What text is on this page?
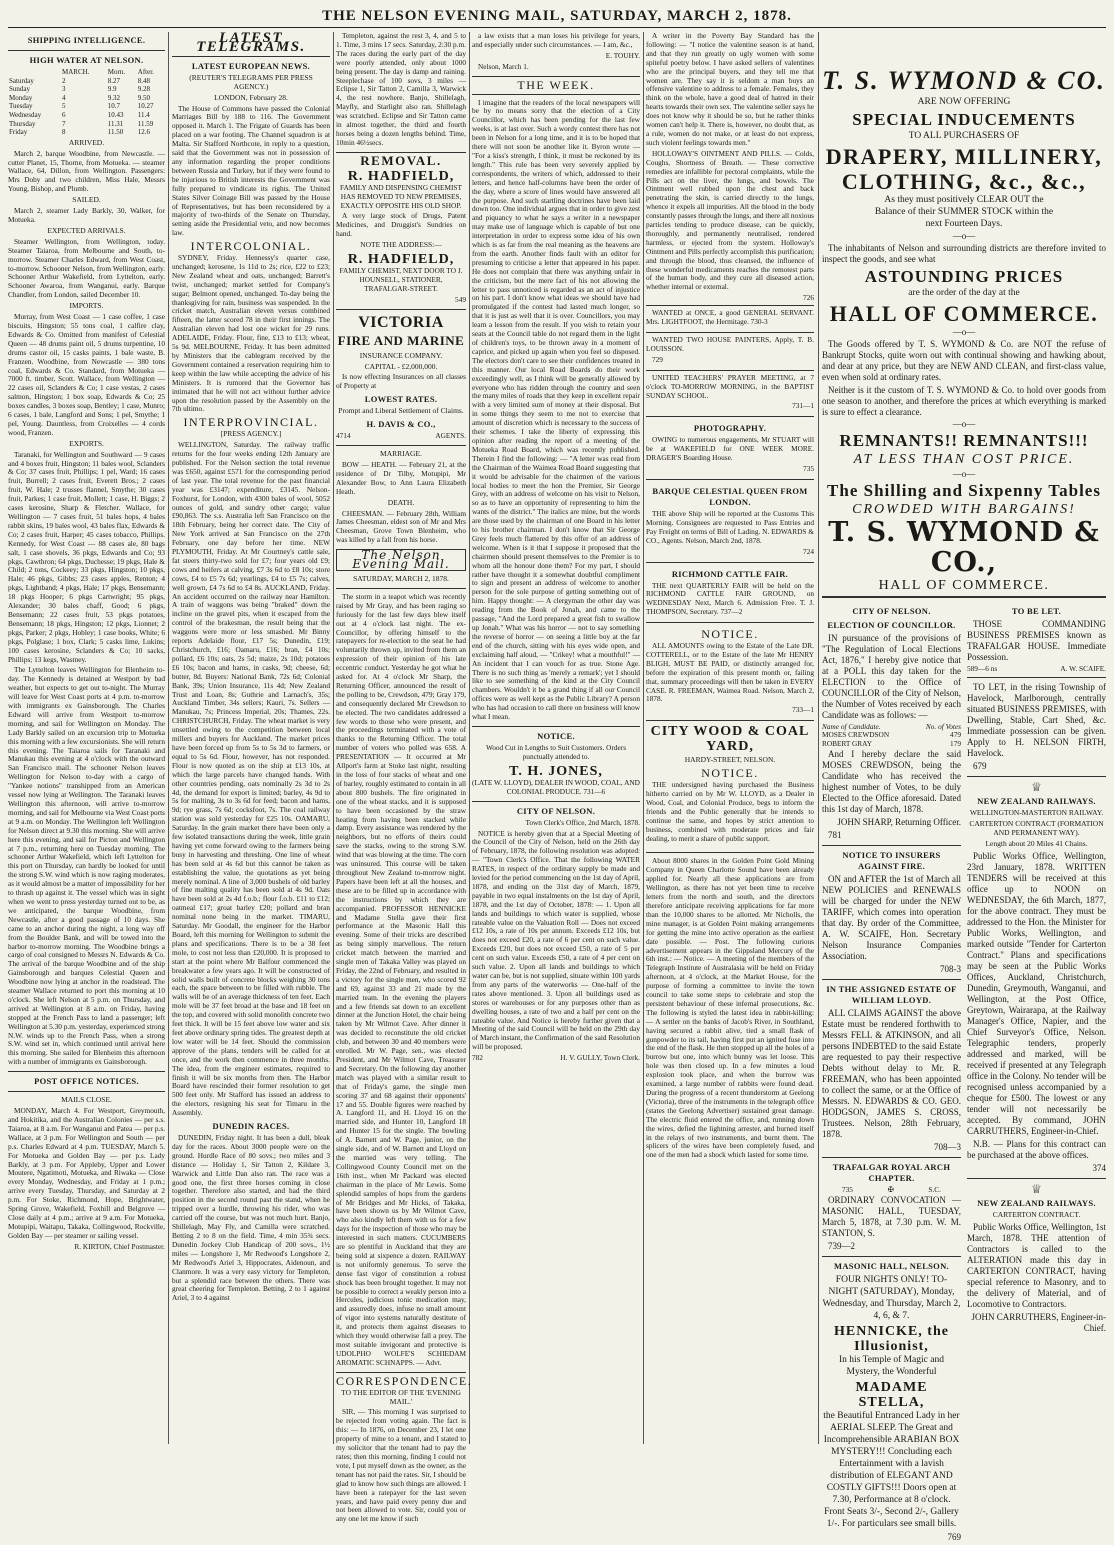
THE NELSON EVENING MAIL, SATURDAY, MARCH 2, 1878.
SHIPPING INTELLIGENCE.
HIGH WATER AT NELSON.
	MARCH.	Morn.	After.
Saturday	2	8.27	8.48
Sunday	3	9.9	9.28
Monday	4	9.32	9.50
Tuesday	5	10.7	10.27
Wednesday	6	10.43	11.4
Thursday	7	11.31	11.59
Friday	8	11.50	12.6
ARRIVED.

March 2, barque Woodbine, from Newcastle. — cutter Planet, 15, Thorne, from Motueka. — steamer Wallace, 64, Dillon, from Wellington. Passengers: Mrs Doby and two children, Miss Hale, Messrs Young, Bishop, and Plumb.

SAILED.

March 2, steamer Lady Barkly, 30, Walker, for Motueka.

EXPECTED ARRIVALS.

Steamer Wellington, from Wellington, today. Steamer Taiaroa, from Melbourne and South, to-morrow. Steamer Charles Edward, from West Coast, to-morrow. Schooner Nelson, from Wellington, early. Schooner Arthur Wakefield, from Lyttelton, early. Schooner Awaroa, from Wanganui, early. Barque Chandler, from London, sailed December 10.

IMPORTS.

Murray, from West Coast — 1 case coffee, 1 case biscuits, Hingston; 55 tons coal, 1 calfire clay, Edwards & Co. Omitted from manifest of Celestial Queen — 48 drums paint oil, 5 drums turpentine, 10 drums castor oil, 15 casks paints, 1 bale waste, B. Franzen. Woodbine, from Newcastle — 380 tons coal, Edwards & Co. Standard, from Motueka — 7000 ft. timber, Scott. Wallace, from Wellington — 22 cases oil, Sclanders & Co; 1 case vestas, 2 cases salmon, Hingston; 1 box soap, Edwards & Co; 25 boxes candles, 3 boxes soap, Bentley; 1 case, Munro; 6 cases, 1 bale, Langford and Sons; 1 pel, Smythe; 1 pel, Young. Dauntless, from Croixelles — 4 cords wood, Franzen.

EXPORTS.

Taranaki, for Wellington and Southward — 9 cases and 4 boxes fruit, Hingston; 11 bales wool, Sclanders & Co; 37 cases fruit, Phillips; 1 pel, Ward; 16 cases fruit, Burrell; 2 cases fruit, Everett Bros.; 2 cases fruit, W. Hale; 2 trusses flannel, Smythe; 30 cases fruit, Parkes; 1 case fruit, Mollett; 1 case, H. Biggs; 2 cases kerosine, Sharp & Fletcher. Wallace, for Wellington — 7 cases fruit, 51 bales hops, 4 bales rabbit skins, 19 bales wool, 43 bales flax, Edwards & Co; 2 cases fruit, Harper; 45 cases tobacco, Phillips. Kennedy, for West Coast — 88 cases ale, 80 bags salt, 1 case shovels, 36 pkgs, Edwards and Co; 93 pkgs, Cawthron; 64 pkgs, Duchesse; 19 pkgs, Hale & Child; 2 tons, Cockeey; 33 pkgs, Hingston; 10 pkgs, Hale; 46 pkgs, Gibbs; 23 cases apples, Renton; 4 pkgs, Lightband; 4 pkgs, Hale; 17 pkgs, Bensemann; 18 pkgs Hooper; 6 pkgs Cartwright; 95 pkgs, Alexander; 30 bales chaff, Good; 6 pkgs, Bensemann; 22 cases fruit, 53 pkgs potatoes, Bensemann; 18 pkgs, Hingston; 12 pkgs, Lionnet; 2 pkgs, Parker; 2 pkgs, Hobley; 1 case books, White; 6 pkgs, Polglase; 1 box, Clark; 5 casks lime, Lukins; 100 cases kerosine, Sclanders & Co; 10 sacks, Phillips; 13 kegs, Wastney.

The Lyttelton leaves Wellington for Blenheim to-day. The Kennedy is detained at Westport by bad weather, but expects to get out to-night. The Murray will leave for West Coast ports at 4 p.m. to-morrow with immigrants ex Gainsborough. The Charles Edward will arrive from Westport to-morrow morning, and sail for Wellington on Monday. The Lady Barkly sailed on an excursion trip to Motueka this morning with a few excursionists. She will return this evening. The Taiaroa sails for Taranaki and Manukau this evening at 4 o'clock with the outward San Francisco mail. The schooner Nelson leaves Wellington for Nelson to-day with a cargo of "Yankee notions" transhipped from an American vessel now lying at Wellington. The Taranaki leaves Wellington this afternoon, will arrive to-morrow morning, and sail for Melbourne via West Coast ports at 9 a.m. on Monday. The Wellington left Wellington for Nelson direct at 9.30 this morning. She will arrive here this evening, and sail for Picton and Wellington at 7 p.m., returning here on Tuesday morning. The schooner Arthur Wakefield, which left Lyttelton for this port on Thursday, can hardly be looked for until the strong S.W. wind which is now raging moderates, as it would almost be a matter of impossibility for her to thrash up against it. The vessel which was in sight when we went to press yesterday turned out to be, as we anticipated, the barque Woodbine, from Newcastle, after a good passage of 10 days. She came to an anchor during the night, a long way off from the Boulder Bank, and will be towed into the harbor to-morrow morning. The Woodbine brings a cargo of coal consigned to Messrs N. Edwards & Co. The arrival of the barque Woodbine and of the ship Gainsborough and barques Celestial Queen and Woodbine now lying at anchor in the roadstead. The steamer Wallace returned to port this morning at 10 o'clock. She left Nelson at 5 p.m. on Thursday, and arrived at Wellington at 8 a.m. on Friday, having stopped at the French Pass to land a passenger; left Wellington at 5.30 p.m. yesterday, experienced strong N.W. winds up to the French Pass, when a strong S.W. wind set in, which continued until arrival here this morning. She sailed for Blenheim this afternoon with a number of immigrants ex Gainsborough.

POST OFFICE NOTICES.
MAILS CLOSE.

MONDAY, March 4. For Westport, Greymouth, and Hokitika, and the Australian Colonies — per s.s. Taiaroa, at 8 a.m. For Wanganui and Patea — per p.s. Wallace, at 3 p.m. For Wellington and South — per p.s. Charles Edward at 4 p.m. TUESDAY, March 5. For Motueka and Golden Bay — per p.s. Lady Barkly, at 3 p.m. For Appleby, Upper and Lower Moutere, Ngatimoti, Motueka, and Riwaka — Close every Monday, Wednesday, and Friday at 1 p.m.; arrive every Tuesday, Thursday, and Saturday at 2 p.m. For Stoke, Richmond, Hope, Brightwater, Spring Grove, Wakefield, Foxhill and Belgrove — Close daily at 4 p.m.; arrive at 9 a.m. For Motueka, Motupipi, Waitapu, Takaka, Collingwood, Rockville, Golden Bay — per steamer or sailing vessel.

R. KIRTON, Chief Postmaster.

LATEST TELEGRAMS.
LATEST EUROPEAN NEWS.
(REUTER'S TELEGRAMS PER PRESS AGENCY.)
LONDON, February 28.

The House of Commons have passed the Colonial Marriages Bill by 188 to 116. The Government opposed it. March 1. The Frigate of Guards has been placed on a war footing. The Channel squadron is at Malta. Sir Stafford Northcote, in reply to a question, said that the Government was not in possession of any information regarding the proper conditions between Russia and Turkey, but if they were found to be injurious to British interests the Government was fully prepared to vindicate its rights. The United States Silver Coinage Bill was passed by the House of Representatives, but has been reconsidered by a majority of two-thirds of the Senate on Thursday, setting aside the Presidential veto, and now becomes law.

INTERCOLONIAL.

SYDNEY, Friday. Hennessy's quarter case, unchanged; kerosene, 1s 11d to 2s; rice, £22 to £23; New Zealand wheat and oats, unchanged; Barrett's twist, unchanged; market settled for Company's sugar; Belmont opened, unchanged. To-day being the thanksgiving for rain, business was suspended. In the cricket match, Australian eleven versus combined fifteen, the latter scored 78 in their first innings. The Australian eleven had lost one wicket for 29 runs. ADELAIDE, Friday. Flour, fine, £13 to £13; wheat, 5s 9d. MELBOURNE, Friday. It has been admitted by Ministers that the cablegram received by the Government contained a reservation requiring him to keep within the law while accepting the advice of his Ministers. It is rumored that the Governor has intimated that he will not act without further advice upon the resolution passed by the Assembly on the 7th ultimo.

INTERPROVINCIAL.
[PRESS AGENCY.]

WELLINGTON, Saturday. The railway traffic returns for the four weeks ending 12th January are published. For the Nelson section the total revenue was £650, against £571 for the corresponding period of last year. The total revenue for the past financial year was £3147; expenditure, £3145. Nelson-Foxhurst, for London, with 4300 bales of wool, 5052 ounces of gold, and sundry other cargo; value £90,863. The s.s. Australia left San Francisco on the 18th February, being her correct date. The City of New York arrived at San Francisco on the 27th February, one day before her time. NEW PLYMOUTH, Friday. At Mr Courtney's cattle sale, fat steers thirty-two sold for £7; four years old £9; cows and heifers at calving, £7 3s 6d to £8 10s; store cows, £4 to £5 7s 6d; yearlings, £4 to £5 7s; calves, well grown, £4 7s 6d to £4 8s. AUCKLAND, Friday. An accident occurred on the railway near Hamilton. A train of waggons was being "braked" down the incline on the gravel pits, when it escaped from the control of the brakesman, the result being that the waggons were more or less smashed. Mr Binny reports Adelaide flour, £17 5s; Dunedin, £19; Christchurch, £16; Oamaru, £16; bran, £4 10s; pollard, £6 10s; oats, 2s 5d; maize, 2s 10d; potatoes £6 10s; bacon and hams, in casks, 9d; cheese, 6d; butter, 8d. Buyers: National Bank, 72s 6d; Colonial Bank, 39s; Union Insurance, 11s 4d; New Zealand Trust and Loan, 8s; Guthrie and Larnach's, 35s; Auckland Timber, 34s sellers; Kauri, 7s. Sellers — Manukau, 7s; Princess Imperial, 20s; Thames, 22s. CHRISTCHURCH, Friday. The wheat market is very unsettled owing to the competition between local millers and buyers for Auckland. The market prices have been forced up from 5s to 5s 3d to farmers, or equal to 5s 6d. Flour, however, has not responded. Flour is now quoted as on the ship at £13 10s, at which the large parcels have changed hands. With other countries pending, oats nominally 2s 3d to 2s 4d, the demand for export is limited; barley, 4s 9d to 5s for malting, 3s to 3s 6d for feed; bacon and hams, 9d; rye grass, 7s 6d; cocksfoot, 7s. The coal railway station was sold yesterday for £25 10s. OAMARU, Saturday. In the grain market there have been only a few isolated transactions during the week, little grain having yet come forward owing to the farmers being busy in harvesting and threshing. One line of wheat has been sold at 4s 6d but this cannot be taken as establishing the value, the quotations as yet being merely nominal. A line of 3,000 bushels of old barley of fine malting quality has been sold at 4s 9d. Oats have been sold at 2s 4d f.o.b.; flour f.o.b. £11 to £12; oatmeal £17; groat barley £20; pollard and bran nominal none being in the market. TIMARU, Saturday. Mr Goodall, the engineer for the Harbor Board, left this morning for Wellington to submit the plans and specifications. There is to be a 38 feet mole, to cost not less than £20,000. It is proposed to start at the point where Mr Balfour commenced the breakwater a few years ago. It will be constructed of solid walls built of concrete blocks weighing 30 tons each, the space between to be filled with rubble. The walls will be of an average thickness of ten feet. Each mole will be 37 feet broad at the base and 18 feet on the top, and covered with solid monolith concrete two feet thick. It will be 15 feet above low water and six feet above ordinary spring tides. The greatest depth at low water will be 14 feet. Should the commission approve of the plans, tenders will be called for at once, and the work then commence in three months. The idea, from the engineer estimates, required to finish it will be six months from then. The Harbor Board have rescinded their former resolution to get 500 feet only. Mr Stafford has issued an address to the electors, resigning his seat for Timaru in the Assembly.

DUNEDIN RACES.

DUNEDIN, Friday night. It has been a dull, bleak day for the races. About 3000 people were on the ground. Hurdle Race of 80 sovs.; two miles and 3 distance — Holiday 1, Sir Tatton 2, Kildare 3, Warwick and Little Dan also ran. The race was a good one, the first three horses coming in close together. Therefore also started, and had the third position in the second round past the stand, when he tripped over a hurdle, throwing his rider, who was carried off the course, but was not much hurt. Banjo, Shillelagh, May Fly, and Camilla were scratched. Betting 2 to 8 on the field. Time, 4 min 35¾ secs. Dunedin Jockey Club Handicap of 200 sovs., 1½ miles — Longshore 1, Mr Redwood's Longshore 2, Mr Redwood's Ariel 3, Hippocrates, Aidenoun, and Clanmore. It was a very easy victory for Templeton, but a splendid race between the others. There was great cheering for Templeton. Betting, 2 to 1 against Ariel, 3 to 4 against

Templeton, against the rest 3, 4, and 5 to 1. Time, 3 mins 17 secs. Saturday, 2:30 p.m. The races during the early part of the day were poorly attended, only about 1000 being present. The day is damp and raining. Steeplechase of 100 sovs, 3 miles — Eclipse 1, Sir Tatton 2, Camilla 3, Warwick 4, the rest nowhere. Banjo, Shillelagh, Mayfly, and Starlight also ran. Shillelagh was scratched. Eclipse and Sir Tatton came in almost together, the third and fourth horses being a dozen lengths behind. Time, 10min 46½secs.

REMOVAL.
R. HADFIELD,

FAMILY AND DISPENSING CHEMIST HAS REMOVED TO NEW PREMISES, EXACTLY OPPOSITE HIS OLD SHOP.

A very large stock of Drugs, Patent Medicines, and Druggist's Sundries on hand.

NOTE THE ADDRESS:—
R. HADFIELD,

FAMILY CHEMIST, NEXT DOOR TO J. HOUNSELL, STATIONER, TRAFALGAR-STREET.

549

VICTORIA
FIRE AND MARINE
INSURANCE COMPANY.
CAPITAL - £2,000,000.

Is now effecting Insurances on all classes of Property at

LOWEST RATES.
Prompt and Liberal Settlement of Claims.
H. DAVIS & CO.,
4714	AGENTS.
MARRIAGE.

BOW — HEATH. — February 21, at the residence of Dr Tilby, Motupipi, Mr Alexander Bow, to Ann Laura Elizabeth Heath.

DEATH.

CHEESMAN. — February 28th, William James Cheesman, eldest son of Mr and Mrs Cheesman, Grove Town Blenheim, who was killed by a fall from his horse.

The Nelson Evening Mail.
SATURDAY, MARCH 2, 1878.

The storm in a teapot which was recently raised by Mr Gray, and has been raging so furiously for the last few days blew itself out at 4 o'clock last night. The ex-Councillor, by offering himself to the ratepayers for re-election to the seat he had voluntarily thrown up, invited from them an expression of their opinion of his late eccentric conduct. Yesterday he got what he asked for. At 4 o'clock Mr Sharp, the Returning Officer, announced the result of the polling to be, Crewdson, 479; Gray 179, and consequently declared Mr Crewdson to be elected. The two candidates addressed a few words to those who were present, and the proceedings terminated with a vote of thanks to the Returning Officer. The total number of voters who polled was 658. A PRESENTATION — It occurred at Mr Allport's farm at Stoke last night, resulting in the loss of four stacks of wheat and one of barley, roughly estimated to contain in all about 800 bushels. The fire originated in one of the wheat stacks, and it is supposed to have been occasioned by the straw heating from having been stacked while damp. Every assistance was rendered by the neighbors, but no efforts of theirs could save the stacks, owing to the strong S.W. wind that was blowing at the time. The corn was uninsured. This course will be taken throughout New Zealand to-morrow night. Papers have been left at all the houses, and these are to be filled up in accordance with the instructions by which they are accompanied. PROFESSOR HENNICKE and Madame Stella gave their first performance at the Masonic Hall this evening. Some of their tricks are described as being simply marvellous. The return cricket match between the married and single men of Takaka Valley was played on Friday, the 22nd of February, and resulted in a victory for the single men, who scored 92 and 69, against 33 and 21 made by the married team. In the evening the players and a few friends sat down to an excellent dinner at the Junction Hotel, the chair being taken by Mr Wilmot Cave. After dinner it was decided to reconstitute the old cricket club, and between 30 and 40 members were enrolled. Mr W. Page, sen., was elected President, and Mr Wilmot Cave, Treasurer and Secretary. On the following day another match was played with a similar result to that of Friday's game, the single men scoring 37 and 68 against their opponents' 17 and 55. Double figures were reached by A. Langford 11, and H. Lloyd 16 on the married side, and Hunter 10, Langford 18 and Hunter 15 for the single. The bowling of A. Barnett and W. Page, junior, on the single side, and of W. Barnett and Lloyd on the married was very telling. The Collingwood County Council met on the 16th inst., when Mr Packard was elected chairman in the place of Mr Lewis. Some splendid samples of hops from the gardens of Mr Bridges and Mr Hicks, of Takaka, have been shown us by Mr Wilmot Cave, who also kindly left them with us for a few days for the inspection of those who may be interested in such matters. CUCUMBERS are so plentiful in Auckland that they are being sold at sixpence a dozen. RAILWAY is not uniformly generous. To serve the dense fast vigor of constitution a robust shock has been brought together. It may not be possible to correct a weakly person into a Hercules, judicious tonic medication may, and assuredly does, infuse no small amount of vigor into systems naturally destitute of it, and protects them against diseases to which they would otherwise fall a prey. The most suitable invigorant and protective is UDOLPHO WOLFE'S SCHIEDAM AROMATIC SCHNAPPS. — Advt.

CORRESPONDENCE.
TO THE EDITOR OF THE 'EVENING MAIL.'

SIR, — This morning I was surprised to be rejected from voting again. The fact is this: — In 1876, on December 23, I let one property of mine to a tenant, and I stated to my solicitor that the tenant had to pay the rates; then this morning, finding I could not vote, I put myself down as the owner, as the tenant has not paid the rates. Sir, I should be glad to know how such things are allowed. I have been a ratepayer for the last seven years, and have paid every penny due and not been allowed to vote. Sir, could you or any one let me know if such

a law exists that a man loses his privilege for years, and especially under such circumstances. — I am, &c.,

E. TOUHY.

Nelson, March 1.

THE WEEK.

I imagine that the readers of the local newspapers will be by no means sorry that the election of a City Councillor, which has been pending for the last few weeks, is at last over. Such a wordy contest there has not been in Nelson for a long time, and it is to be hoped that there will not soon be another like it. Byron wrote — "For a kiss's strength, I think, it must be reckoned by its length." This rule has been very severely applied by correspondents, the writers of which, addressed to their letters, and hence half-columns have been the order of the day, where a score of lines would have answered all the purpose. And such startling doctrines have been laid down too. One individual argues that in order to give zest and piquancy to what he says a writer in a newspaper may make use of language which is capable of but one interpretation in order to express some idea of his own which is as far from the real meaning as the heavens are from the earth. Another finds fault with an editor for presuming to criticise a letter that appeared in his paper. He does not complain that there was anything unfair in the criticism, but the mere fact of his not allowing the letter to pass unnoticed is regarded as an act of injustice on his part. I don't know what ideas we should have had promulgated if the contest had lasted much longer, so that it is just as well that it is over. Councillors, you may learn a lesson from the result. If you wish to retain your seats at the Council table do not regard them in the light of children's toys, to be thrown away in a moment of caprice, and picked up again when you feel so disposed. The electors don't care to see their confidences treated in this manner. Our local Road Boards do their work exceedingly well, as I think will be generally allowed by everyone who has ridden through the country and seen the many miles of roads that they keep in excellent repair with a very limited sum of money at their disposal. But in some things they seem to me not to exercise that amount of discretion which is necessary to the success of their schemes. I take the liberty of expressing this opinion after reading the report of a meeting of the Motueka Road Board, which was recently published. Therein I find the following: — "A letter was read from the Chairman of the Waimea Road Board suggesting that it would be advisable for the chairmen of the various local bodies to meet the hon the Premier, Sir George Grey, with an address of welcome on his visit to Nelson, so as to have an opportunity of representing to him the wants of the district." The italics are mine, but the words are those used by the chairman of one Board in his letter to his brother chairman. I don't know that Sir George Grey feels much flattered by this offer of an address of welcome. When is it that I suppose it proposed that the chairmen should present themselves to the Premier is to whom all the honour done them? For my part, I should rather have thought it a somewhat doubtful compliment to sign and present an address of welcome to another person for the sole purpose of getting something out of him. Happy thought: — A clergyman the other day was reading from the Book of Jonah, and came to the passage, "And the Lord prepared a great fish to swallow up Jonah." What was his horror — not to say something the reverse of horror — on seeing a little boy at the far end of the church, sitting with his eyes wide open, and exclaiming half aloud, — "Crikey! what a mouthful!" — An incident that I can vouch for as true. Stone Age. There is no such thing as 'merely a remark'; yet I should like to see something of the kind at the City Council chambers. Wouldn't it be a grand thing if all our Council offices were as well kept as the Public Library? A person who has had occasion to call there on business will know what I mean.

NOTICE.

Wood Cut in Lengths to Suit Customers. Orders punctually attended to.

T. H. JONES,

(LATE W. LLOYD), DEALER IN WOOD, COAL, AND COLONIAL PRODUCE. 731—6

CITY OF NELSON.

Town Clerk's Office, 2nd March, 1878.

NOTICE is hereby given that at a Special Meeting of the Council of the City of Nelson, held on the 26th day of February, 1878, the following resolution was adopted: — "Town Clerk's Office. That the following WATER RATES, in respect of the ordinary supply be made and levied for the period commencing on the 1st day of April, 1878, and ending on the 31st day of March, 1879, payable in two equal instalments on the 1st day of April, 1878, and the 1st day of October, 1878: — 1. Upon all lands and buildings to which water is supplied, whose rateable value on the Valuation Roll — Does not exceed £12 10s, a rate of 10s per annum. Exceeds £12 10s, but does not exceed £20, a rate of 6 per cent on such value. Exceeds £20, but does not exceed £50, a rate of 5 per cent on such value. Exceeds £50, a rate of 4 per cent on such value. 2. Upon all lands and buildings to which water can be, but is not supplied, situate within 100 yards from any parts of the waterworks — One-half of the rates above mentioned. 3. Upon all buildings used as stores or warehouses or for any purposes other than as dwelling houses, a rate of two and a half per cent on the rateable value. And Notice is hereby further given that a Meeting of the said Council will be held on the 29th day of March instant, the Confirmation of the said Resolution will be proposed.

782	H. V. GULLY, Town Clerk.

A writer in the Poverty Bay Standard has the following: — "I notice the valentine season is at hand, and that they run greatly on ugly women with some spiteful poetry below. I have asked sellers of valentines who are the principal buyers, and they tell me that women are. They say it is seldom a man buys an offensive valentine to address to a female. Females, they think on the whole, have a good deal of hatred in their hearts towards their own sex. The valentine seller says he does not know why it should be so, but he rather thinks women can't help it. There is, however, no doubt that, as a rule, women do not make, or at least do not express, such violent feelings towards men."

HOLLOWAY'S OINTMENT AND PILLS. — Colds, Coughs, Shortness of Breath. — These corrective remedies are infallible for pectoral complaints, while the Pills act on the liver, the lungs, and bowels. The Ointment well rubbed upon the chest and back penetrating the skin, is carried directly to the lungs, whence it expels all impurities. All the blood in the body constantly passes through the lungs, and there all noxious particles tending to produce disease, can be quickly, thoroughly, and permanently neutralised, rendered harmless, or ejected from the system. Holloway's Ointment and Pills perfectly accomplish this purification; and through the blood, thus cleansed, the influence of these wonderful medicaments reaches the remotest parts of the human body, and they cure all diseased action, whether internal or external.

726

WANTED at ONCE, a good GENERAL SERVANT. Mrs. LIGHTFOOT, the Hermitage. 730-3

WANTED TWO HOUSE PAINTERS, Apply, T. B. LOUISSON.

729

UNITED TEACHERS' PRAYER MEETING, at 7 o'clock TO-MORROW MORNING, in the BAPTIST SUNDAY SCHOOL.

731—1

PHOTOGRAPHY.

OWING to numerous engagements, Mr STUART will be at WAKEFIELD for ONE WEEK MORE. DRAGER'S Boarding House.

735

BARQUE CELESTIAL QUEEN FROM LONDON.

THE above Ship will be reported at the Customs This Morning. Consignees are requested to Pass Entries and Pay Freight on terms of Bill of Lading. N. EDWARDS & CO., Agents. Nelson, March 2nd, 1878.

724

RICHMOND CATTLE FAIR.

THE next QUARTERLY FAIR will be held on the RICHMOND CATTLE FAIR GROUND, on WEDNESDAY Next, March 6. Admission Free. T. J. THOMPSON, Secretary. 737—2

NOTICE.

ALL AMOUNTS owing to the Estate of the Late DR. COTTERELL, or to the Estate of the late Mr HENRY BLIGH, MUST BE PAID, or distinctly arranged for, before the expiration of this present month or, failing that, summary proceedings will then be taken in EVERY CASE. R. FREEMAN, Waimea Road. Nelson, March 2, 1878.

733—1

CITY WOOD & COAL YARD,
HARDY-STREET, NELSON.
NOTICE.

THE undersigned having purchased the Business hitherto carried on by Mr W. LLOYD, as a Dealer in Wood, Coal, and Colonial Produce, begs to inform the friends and the Public generally that he intends to continue the same, and hopes by strict attention to business, combined with moderate prices and fair dealing, to merit a share of public support.

About 8000 shares in the Golden Point Gold Mining Company in Queen Charlotte Sound have been already applied for. Nearly all these applications are from Wellington, as there has not yet been time to receive letters from the north and south, and the directors therefore anticipate receiving applications for far more than the 10,000 shares to be allotted. Mr Nicholls, the mine manager, is at Golden Point making arrangements for getting the mine into active operation as the earliest date possible. — Post. The following curious advertisement appears in the Gippsland Mercury of the 6th inst.: — Notice. — A meeting of the members of the Telegraph Institute of Australasia will be held on Friday afternoon, at 4 o'clock, at the Market House, for the purpose of forming a committee to invite the town council to take some steps to celebrate and stop the persistent behaviour of these infernal prosecutions, &c. The following is styled the latest idea in rabbit-killing: — A settler on the banks of Jacob's River, in Southland, having secured a rabbit alive, tied a small flask of gunpowder to its tail, having first put an ignited fuse into the end of the flask. He then stopped up all the holes of a burrow but one, into which bunny was let loose. This hole was then closed up. In a few minutes a loud explosion took place, and when the burrow was examined, a large number of rabbits were found dead. During the progress of a recent thunderstorm at Geelong (Victoria), three of the instruments in the telegraph office (states the Geelong Advertiser) sustained great damage. The electric fluid entered the office, and, running down the wires, defied the lightning arrester, and burned itself in the relays of two instruments, and burnt them. The splicers of the wires have been completely fused, and one of the men had a shock which lasted for some time.

T. S. WYMOND & CO.

ARE NOW OFFERING

SPECIAL INDUCEMENTS

TO ALL PURCHASERS OF

DRAPERY, MILLINERY,
CLOTHING, &c., &c.,

As they must positively CLEAR OUT the Balance of their SUMMER STOCK within the next Fourteen Days.

—o—

The inhabitants of Nelson and surrounding districts are therefore invited to inspect the goods, and see what

ASTOUNDING PRICES

are the order of the day at the

HALL OF COMMERCE.
—o—

The Goods offered by T. S. WYMOND & Co. are NOT the refuse of Bankrupt Stocks, quite worn out with continual showing and hawking about, and dear at any price, but they are NEW AND CLEAN, and first-class value, even when sold at ordinary rates.

Neither is it the custom of T. S. WYMOND & Co. to hold over goods from one season to another, and therefore the prices at which everything is marked is sure to effect a clearance.

—o—
REMNANTS!! REMNANTS!!!
AT LESS THAN COST PRICE.
—o—
The Shilling and Sixpenny Tables
CROWDED WITH BARGAINS!
T. S. WYMOND & CO.,
HALL OF COMMERCE.
CITY OF NELSON.
ELECTION OF COUNCILLOR.

IN pursuance of the provisions of "The Regulation of Local Elections Act, 1876," I hereby give notice that at a POLL this day taken for the ELECTION to the Office of COUNCILLOR of the City of Nelson, the Number of Votes received by each Candidate was as follows: —

Name of Candidate.	No. of Votes
MOSES CREWDSON	479
ROBERT GRAY	179

And I hereby declare the said MOSES CREWDSON, being the Candidate who has received the highest number of Votes, to be duly Elected to the Office aforesaid. Dated this 1st day of March, 1878.

JOHN SHARP, Returning Officer.

781

NOTICE TO INSURERS AGAINST FIRE.

ON and AFTER the 1st of March all NEW POLICIES and RENEWALS will be charged for under the NEW TARIFF, which comes into operation that day. By order of the Committee, A. W. SCAIFE, Hon. Secretary Nelson Insurance Companies Association.

708-3

IN THE ASSIGNED ESTATE OF WILLIAM LLOYD.

ALL CLAIMS AGAINST the above Estate must be rendered forthwith to Messrs FELL & ATKINSON, and all persons INDEBTED to the said Estate are requested to pay their respective Debts without delay to Mr. R. FREEMAN, who has been appointed to collect the same, or at the Office of Messrs. N. EDWARDS & CO. GEO. HODGSON, JAMES S. CROSS, Trustees. Nelson, 28th February, 1878.

708—3

TRAFALGAR ROYAL ARCH CHAPTER.
735	✠	S.C.

ORDINARY CONVOCATION — MASONIC HALL, TUESDAY, March 5, 1878, at 7.30 p.m. W. M. STANTON, S.

739—2

MASONIC HALL, NELSON.

FOUR NIGHTS ONLY! TO-NIGHT (SATURDAY), Monday, Wednesday, and Thursday, March 2, 4, 6, & 7.

HENNICKE, the Illusionist,

In his Temple of Magic and Mystery, the Wonderful

MADAME STELLA,

the Beautiful Entranced Lady in her AERIAL SLEEP. The Great and Incomprehensible ARABIAN BOX MYSTERY!!! Concluding each Entertainment with a lavish distribution of ELEGANT AND COSTLY GIFTS!!! Doors open at 7.30, Performance at 8 o'clock. Front Seats 3/-, Second 2/-, Gallery 1/-. For particulars see small bills.

769

TO BE LET.

THOSE COMMANDING BUSINESS PREMISES known as TRAFALGAR HOUSE. Immediate Possession.

589—6 ns	A. W. SCAIFE.

TO LET, in the rising Township of Havelock, Marlborough, centrally situated BUSINESS PREMISES, with Dwelling, Stable, Cart Shed, &c. Immediate possession can be given. Apply to H. NELSON FIRTH, Havelock.

679

♕
NEW ZEALAND RAILWAYS.
WELLINGTON-MASTERTON RAILWAY.
CARTERTON CONTRACT (FORMATION AND PERMANENT WAY).
Length about 20 Miles 41 Chains.

Public Works Office, Wellington, 23rd January, 1878. WRITTEN TENDERS will be received at this office up to NOON on WEDNESDAY, the 6th March, 1877, for the above contract. They must be addressed to the Hon. the Minister for Public Works, Wellington, and marked outside "Tender for Carterton Contract." Plans and specifications may be seen at the Public Works Offices, Auckland, Christchurch, Dunedin, Greymouth, Wanganui, and Wellington, at the Post Office, Greytown, Wairarapa, at the Railway Manager's Office, Napier, and the Chief Surveyor's Office, Nelson. Telegraphic tenders, properly addressed and marked, will be received if presented at any Telegraph office in the Colony. No tender will be recognised unless accompanied by a cheque for £500. The lowest or any tender will not necessarily be accepted. By command, JOHN CARRUTHERS, Engineer-in-Chief.

N.B. — Plans for this contract can be purchased at the above offices.

374

♕
NEW ZEALAND RAILWAYS.
CARTERTON CONTRACT.

Public Works Office, Wellington, 1st March, 1878. THE attention of Contractors is called to the ALTERATION made this day in CARTERTON CONTRACT, having special reference to Masonry, and to the delivery of Material, and of Locomotive to Contractors.

JOHN CARRUTHERS, Engineer-in-Chief.
